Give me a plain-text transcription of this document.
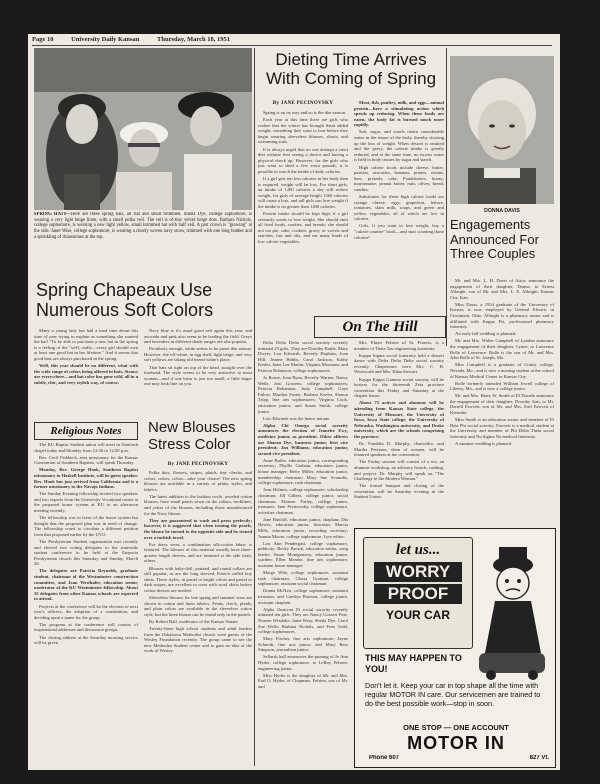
Page 10	University Daily Kansan	Thursday, March 18, 1951
SPRING HATS—Here are three spring hats, all flat and small brimmed. Sheila Dye, college sophomore, is wearing a very light beige linen, with a small polka veil. The veil is of tiny velvet beige dots. Barbara Nichols, college sophomore, is wearing a new light yellow, small brimmed hat with half veil. A part crown is "growing" at the side. Janet Wise, college sophomore, is wearing a clearly woven navy straw, trimmed with one long feather and a sprinkling of rhinestones at the top.
Spring Chapeaux Use
Numerous Soft Colors

Many a young lady has had a hard time about this time of year trying to explain as something she wanted the hat! "To be able to purchase a new hat in the spring is a feeling of the "well, really—every girl should own at least one good hat in her lifetime." And it seems that good hats are always purchased in the spring.

Well, this year should be no different, what with the wide range of colors being offered in hats. Straws are everywhere—and hat color has gone wild, all in a subtle, chic, and very stylish way, of course.

Navy blue is it's usual good self again this year, and avocado and pink also seem to be leading the field. Greys and lavenders in different shade ranges are also popular.

Peculiarly enough, white seems to be passé this season. However, the off-white, in egg shell, light beige, and very soft yellows are taking old friend white's place.

That hats sit right on top of the head, straight over the forehead. The style seems to be very attractive to most women—and if one brim is just too small, a little larger one may look fine on you.

Religious Notes

The KU Baptist Student union will meet in Danforth chapel today and Monday from 12:30 to 12:50 p.m.

Rev. Cecil Fishbeck, area missionary for the Kansas Convention of Southern Baptists, will speak Thursday.

Monday, Rev. George Hook, Southern Baptist missionary to Haskell Institute, will be guest speaker. Rev. Hook has just arrived from California and is a former missionary to the Navajo Indians.

The Sunday Evening fellowship invited two speakers and two experts from the University Vocational center at the proposed honor system at KU to an afternoon meeting recently.

The fellowship was in favor of the honor system but thought that the proposed plan was in need of change. The fellowship voted to circulate a different petition from that proposed earlier by the UVO.

The Presbyterian Student organization met recently and elected two voting delegates to the statewide student conference to be held at the Emporia Presbyterian church this Saturday and Sunday, March 20.

The delegates are Patricia Reynolds, graduate student, chairman of the Westminster construction committee, and Joan Westhafer, education senior, moderator of the KU Westminster fellowship. About 35 delegates from other Kansas schools are expected to attend.

Projects at the conference will be the election of next year's officers, the adoption of a constitution, and deciding upon a name for the group.

The program at the conference will consist of inspirational addresses and discussion groups.

The closing address at the Saturday morning service will be given

New Blouses
Stress Color
By JANE PECINOVSKY

Polka dots, flowers, stripes, plaids, tiny checks, and colors, colors, colors—take your choice! The new spring blouses are available in a variety of prints, styles, and fabrics.

The latest addition to the fashion circle, jeweled cotton blouses, have small pearls sewn on the collars, necklines, and yokes of the blouses, including those manufactured for the Navy blouse.

They are guaranteed to wash and press perfectly; however, it is suggested that when ironing the pearls, the blouse be turned to the opposite side and be ironed over a turkish towel.

For dress wear, a combination silk-cotton fabric is featured. The blouses of this material usually have three-quarter length sleeves, and are fastened at the side front, others.

Blouses with baby-doll, pointed, and round collars are still popular, as are the long sleeved, French cuffed boy shirts. These styles, in pastel or bright colors and pastel or dark stripes, are excellent to wear with wool skirts before cotton dresses are needed.

Sleeveless blouses for late spring and summer wear are shown in cotton and linen fabrics. Prints, check, plaids, and plain colors are available in the sleeveless cotton style, but the linen blouse can be found only in the pastels.

By Robert Ball, moderator of the Kansas Senate.

Twenty-three high school students and adult leaders from the Oskaloosa Methodist church were guests of the Wesley Foundation recently. The group came to see the new Methodist Student center and to gain an idea of the work of Wesley.

Dieting Time Arrives
With Coming of Spring
By JANE PECINOVSKY

Spring is on its way and so is the diet season.

Each year at this time there are girls who realize that the winter has brought them added weight, something they want to lose before they begin wearing sleeveless blouses, shorts, and swimming suits.

It is always urged that no one attempt a strict diet without first seeing a doctor and having a physical check up. However, for the girls who just want to shed a few extra pounds, it is possible to watch the intake of daily calories.

If a girl gets ten less calories in her body than is required, weight will be lost. For short girls, an intake of 1200 calories a day will reduce weight, for girls of average height 1300 calories will cause a loss, and tall girls can lose weight if the intake is no greater than 1400 calories.

Protein intake should be kept high, if a girl seriously wants to lose weight. She should omit all fried foods, cookies, and breads; she should not eat pie, cake, cookies, gravy, or sweets and starches, fats and oils, and eat many kinds of low calorie vegetables.

Meat, fish, poultry, milk, and eggs—animal protein—have a stimulating action which speeds up reducing. When these foods are eaten, the body fat is burned much more rapidly.

Salt, sugar, and starch retain considerable water in the tissue of the body, thereby slowing up the loss of weight. When dessert is omitted and the gravy, the calorie intake is greatly reduced, and at the same time, no excess water is held in body tissues by sugar and starch.

High calorie foods include cheese, butter, pastries, avocados, bananas, prunes, raisins, beer, pretzels, cake, Frankfurters, honey, mayonnaise, peanut butter, nuts, olives, bread, candies.

Substitutes for these high calorie foods are cottage cheese, eggs, grapefruit, lettuce, tomatoes, skim milk, soups, and green and yellow vegetables, all of which are low in calories.

Girls, if you want to lose weight, buy a "calorie counter" book—and start counting those calories!

DONNA DAVIS
Engagements Announced For Three Couples

Mr. and Mrs. L. H. Davis of Atica, announce the engagement of their daughter, Donna, to Ernest Albright, son of Mr. and Mrs. L. E. Albright, Kansas City, Kan.

Miss Davis, a 1954 graduate of the University of Kansas, is now employed by General Electric in Cincinnati, Ohio. Albright is a pharmacy senior and is affiliated with Kappa Psi, professional pharmacy fraternity.

An early fall wedding is planned.

Mr. and Mrs. Walter Campbell of Lyndon announce the engagement of their daughter, Lynne, to Lawrence Bolle of Lawrence. Bolle is the son of Mr. and Mrs. John Bolle of St. Joseph, Mo.

Miss Campbell is a graduate of Cottey college, Nevada, Mo., and is now a nursing student at the school of Kansas Medical Center in Kansas City.

Bolle formerly attended William Jewell college of Liberty, Mo., and is now a college junior.

Mr. and Mrs. Harry W. Smith of El Dorado announce the engagement of their daughter, Dorothy Ann, to Mr. Darrell Fawcett, son of Mr. and Mrs. Earl Fawcett of Kenosha.

Miss Smith is an education senior and member of Pi Beta Phi social sorority. Fawcett is a medical student at the University and member of Phi Delta Theta social fraternity and Nu Sigma Nu medical fraternity.

A summer wedding is planned.

On The Hill

Delta Delta Delta social sorority recently initiated 25 girls. They are Dorothy Battle, Mary Dwyer, Lou Edwards, Beverly Hopkins, Joan Hill, Jeanne Hobbs, Carol Jackson, Kathy Kesler, Janet Lee Martin, Virginia Moomaw, and Patricia Robinson, college sophomores.

Jo Rouse, Joan Ryan, Beverly Warner, Nancy Wells, Joni Gowens, college sophomores; Patricia Bohannon, Judy Campbell, Gaye Enlow, Marilyn Foster, Barbara Keeler, Sharon Tripp, fine arts sophomores; Virginia Cook, education junior; and Susan Smith, college junior.

Lois Edwards was the honor initiate.

Alpha Chi Omega social sorority announces the election of Jeanette Ewy, medicine junior, as president. Other officers are Sharon Dye, business junior, first vice president; Jan Williams, education junior, second vice president.

Anne Butler, education junior, corresponding secretary; Phyllis Graham, education junior, house manager; Betty Miller, education junior, membership chairman; Mary Sue Scrandis, college sophomore, rush chairman.

Joan Holmes, college sophomore, scholarship chairman; Jill Gilbert, college junior, social chairman; Eleanor Farley, college junior, treasurer; Jane Pecinovsky, college sophomore, activities chairman.

Jane Batcliff, education junior, chaplain; Dia Hawes, education junior, historian; Marcia Mills, education junior, recording secretary; Joanna Moore, college sophomore, Lyre editor.

Lou Ann Pendergast, college sophomore, publicity; Becky Brown, education senior, song leader; Susan Montgomery, education junior, warden; Ellen Meador, fine arts sophomore, assistant house manager.

Marge Wile, college sophomore, assistant rush chairman; Gloria Gorman, college sophomore, assistant social chairman.

Donna McNett, college sophomore, assistant treasurer, and Carolyn Pearson, college junior, assistant chaplain.

Alpha Omicron Pi social sorority recently initiated ten girls. They are Nancy Gossert Fine, Noreen Westlake, Janet Wray, Sheila Dye, Carol Sue Wells, Barbara Nichols, and Fran Todd, college sophomores.

Mary Fischer, fine arts sophomore; Jayne Schmidt, fine arts junior; and Mary Bess Simpson, journalism junior.

Sellards hall announces the pinning of Jo Ann Hyder, college sophomore, to LeRoy Felsien, engineering junior.

Miss Hyder is the daughter of Mr. and Mrs. Earl O. Hyder, of Chapman. Felsien, son of Mr. and

Mrs. Elmer Felsien of St. Francis, is a member of Theta Tau engineering fraternity.

Kappa Sigma social fraternity held a dessert dance with Delta Delta Delta social sorority recently. Chaperones were Mrs. C. H. Westworth and Mrs. Edna Stewart.

Kappa Kappa Gamma social sorority will be hostess for the thirteenth Zeta province convention this Friday and Saturday at the chapter house.

About 75 actives and alumnae will be attending from Kansas State college, the University of Missouri, the University of Iowa, Iowa State college, the University of Nebraska, Washington university, and Drake university, which are the schools comprising the province.

Dr. Franklin D. Murphy, chancellor, and Martha Peterson, dean of women, will be featured speakers at the convention.

The Friday session will consist of a tea, an alumnae workshop, an advisory boards, rushing, and project. Dr. Murphy will speak on "The Challenge to the Modern Woman."

The formal banquet and closing of the convention will be Saturday evening in the Student Union.

let us...
WORRY
PROOF
YOUR CAR
THIS MAY HAPPEN TO YOU!
Don't let it. Keep your car in top shape all the time with regular MOTOR IN care. Our servicemen are trained to do the best possible work—stop in soon.
ONE STOP — ONE ACCOUNT
MOTOR IN
Phone 607	827 Vt.
